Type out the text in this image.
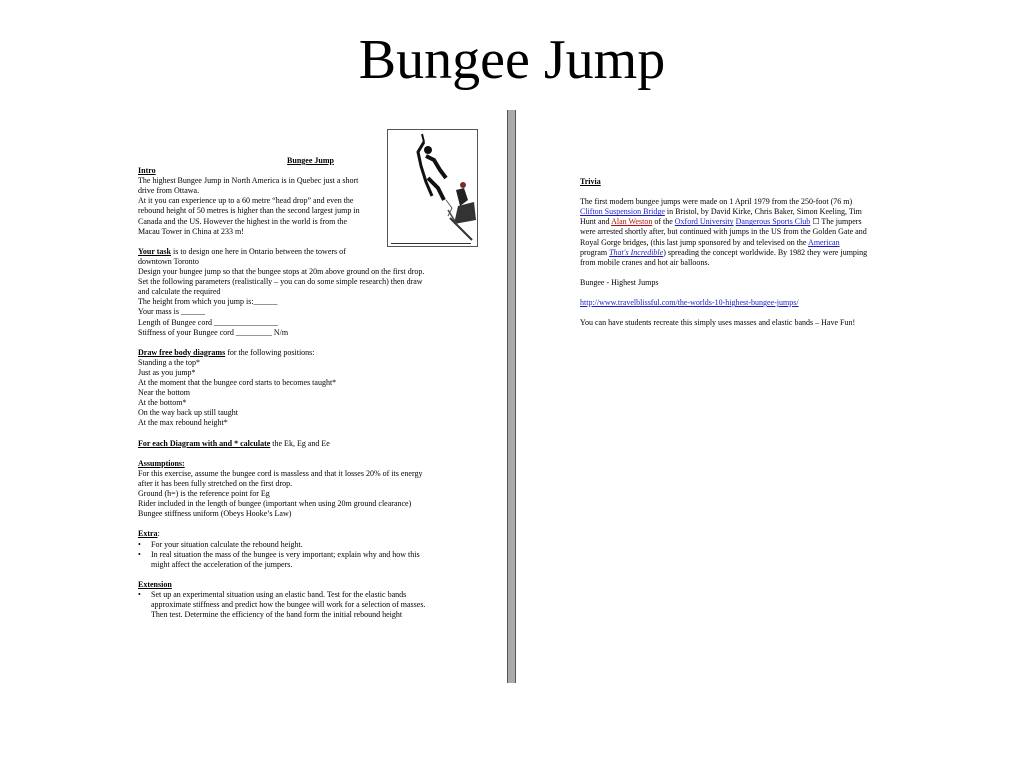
Bungee Jump
Bungee Jump
Intro
The highest Bungee Jump in North America is in Quebec just a short
drive from Ottawa.
At it you can experience up to a 60 metre “head drop” and even the
rebound height of 50 metres is higher than the second largest jump in
Canada and the US. However the highest in the world is from the
Macau Tower in China at 233 m!
Your task is to design one here in Ontario between the towers of
downtown Toronto
Design your bungee jump so that the bungee stops at 20m above ground on the first drop.
Set the following parameters (realistically – you can do some simple research) then draw
and calculate the required
The height from which you jump is:______
Your mass is ______
Length of Bungee cord ________________
Stiffness of your Bungee cord _________ N/m
Draw free body diagrams for the following positions:
Standing a the top*
Just as you jump*
At the moment that the bungee cord starts to becomes taught*
Near the bottom
At the bottom*
On the way back up still taught
At the max rebound height*
For each Diagram with and * calculate the Ek, Eg and Ee
Assumptions:
For this exercise, assume the bungee cord is massless and that it losses 20% of its energy
after it has been fully stretched on the first drop.
Ground (h=) is the reference point for Eg
Rider included in the length of bungee (important when using 20m ground clearance)
Bungee stiffness uniform (Obeys Hooke’s Law)
Extra:
•	For your situation calculate the rebound height.
•	In real situation the mass of the bungee is very important; explain why and how this
might affect the acceleration of the jumpers.
Extension
•	Set up an experimental situation using an elastic band. Test for the elastic bands
approximate stiffness and predict how the bungee will work for a selection of masses.
Then test. Determine the efficiency of the band form the initial rebound height
Trivia
The first modern bungee jumps were made on 1 April 1979 from the 250-foot (76 m)
Clifton Suspension Bridge in Bristol, by David Kirke, Chris Baker, Simon Keeling, Tim
Hunt and Alan Weston of the Oxford University Dangerous Sports Club ☐ The jumpers
were arrested shortly after, but continued with jumps in the US from the Golden Gate and
Royal Gorge bridges, (this last jump sponsored by and televised on the American
program That's Incredible) spreading the concept worldwide. By 1982 they were jumping
from mobile cranes and hot air balloons.
Bungee - Highest Jumps
http://www.travelblissful.com/the-worlds-10-highest-bungee-jumps/
You can have students recreate this simply uses masses and elastic bands – Have Fun!
